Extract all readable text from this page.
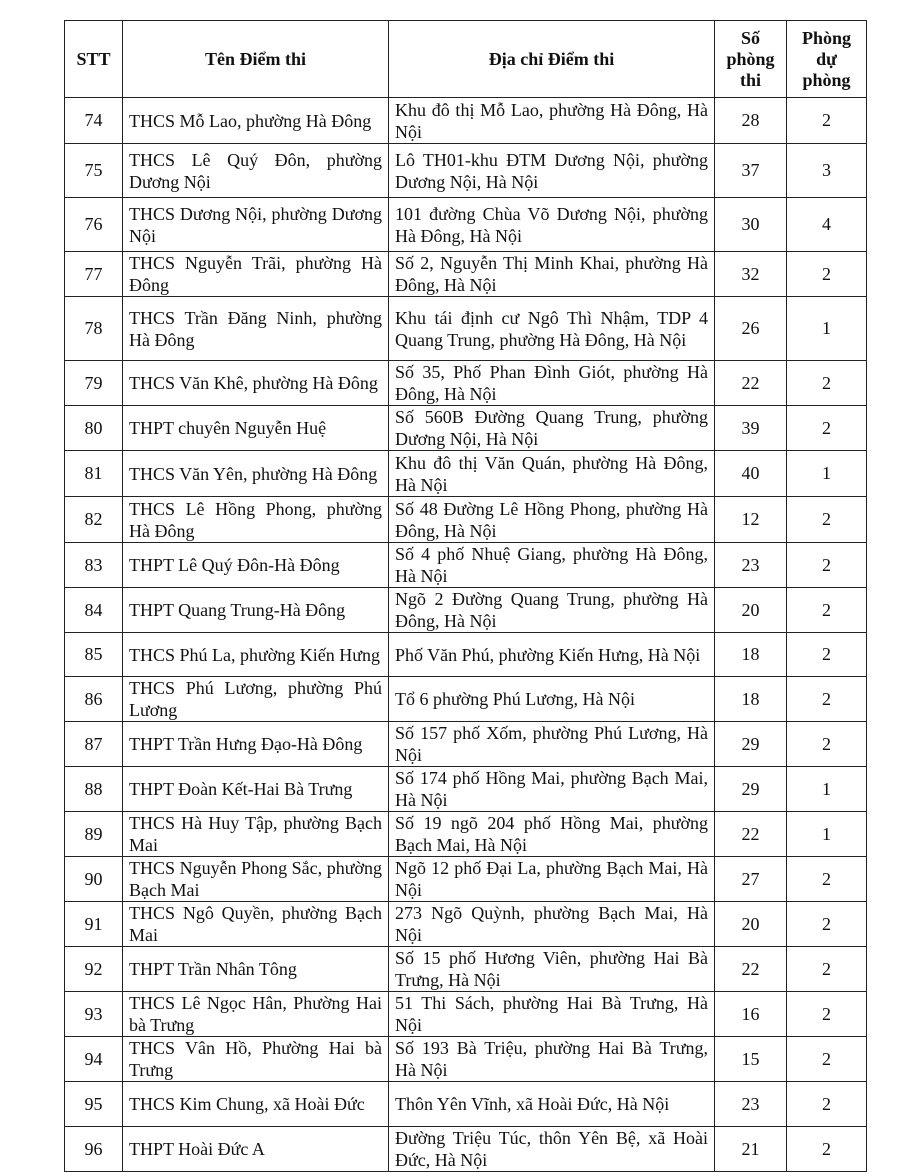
STT	Tên Điểm thi	Địa chỉ Điểm thi	Số phòng thi	Phòng dự phòng
74	THCS Mỗ Lao, phường Hà Đông	Khu đô thị Mỗ Lao, phường Hà Đông, Hà Nội	28	2
75	THCS Lê Quý Đôn, phường Dương Nội	Lô TH01-khu ĐTM Dương Nội, phường Dương Nội, Hà Nội	37	3
76	THCS Dương Nội, phường Dương Nội	101 đường Chùa Võ Dương Nội, phường Hà Đông, Hà Nội	30	4
77	THCS Nguyễn Trãi, phường Hà Đông	Số 2, Nguyễn Thị Minh Khai, phường Hà Đông, Hà Nội	32	2
78	THCS Trần Đăng Ninh, phường Hà Đông	Khu tái định cư Ngô Thì Nhậm, TDP 4 Quang Trung, phường Hà Đông, Hà Nội	26	1
79	THCS Văn Khê, phường Hà Đông	Số 35, Phố Phan Đình Giót, phường Hà Đông, Hà Nội	22	2
80	THPT chuyên Nguyễn Huệ	Số 560B Đường Quang Trung, phường Dương Nội, Hà Nội	39	2
81	THCS Văn Yên, phường Hà Đông	Khu đô thị Văn Quán, phường Hà Đông, Hà Nội	40	1
82	THCS Lê Hồng Phong, phường Hà Đông	Số 48 Đường Lê Hồng Phong, phường Hà Đông, Hà Nội	12	2
83	THPT Lê Quý Đôn-Hà Đông	Số 4 phố Nhuệ Giang, phường Hà Đông, Hà Nội	23	2
84	THPT Quang Trung-Hà Đông	Ngõ 2 Đường Quang Trung, phường Hà Đông, Hà Nội	20	2
85	THCS Phú La, phường Kiến Hưng	Phố Văn Phú, phường Kiến Hưng, Hà Nội	18	2
86	THCS Phú Lương, phường Phú Lương	Tổ 6 phường Phú Lương, Hà Nội	18	2
87	THPT Trần Hưng Đạo-Hà Đông	Số 157 phố Xốm, phường Phú Lương, Hà Nội	29	2
88	THPT Đoàn Kết-Hai Bà Trưng	Số 174 phố Hồng Mai, phường Bạch Mai, Hà Nội	29	1
89	THCS Hà Huy Tập, phường Bạch Mai	Số 19 ngõ 204 phố Hồng Mai, phường Bạch Mai, Hà Nội	22	1
90	THCS Nguyễn Phong Sắc, phường Bạch Mai	Ngõ 12 phố Đại La, phường Bạch Mai, Hà Nội	27	2
91	THCS Ngô Quyền, phường Bạch Mai	273 Ngõ Quỳnh, phường Bạch Mai, Hà Nội	20	2
92	THPT Trần Nhân Tông	Số 15 phố Hương Viên, phường Hai Bà Trưng, Hà Nội	22	2
93	THCS Lê Ngọc Hân, Phường Hai bà Trưng	51 Thi Sách, phường Hai Bà Trưng, Hà Nội	16	2
94	THCS Vân Hồ, Phường Hai bà Trưng	Số 193 Bà Triệu, phường Hai Bà Trưng, Hà Nội	15	2
95	THCS Kim Chung, xã Hoài Đức	Thôn Yên Vĩnh, xã Hoài Đức, Hà Nội	23	2
96	THPT Hoài Đức A	Đường Triệu Túc, thôn Yên Bệ, xã Hoài Đức, Hà Nội	21	2
